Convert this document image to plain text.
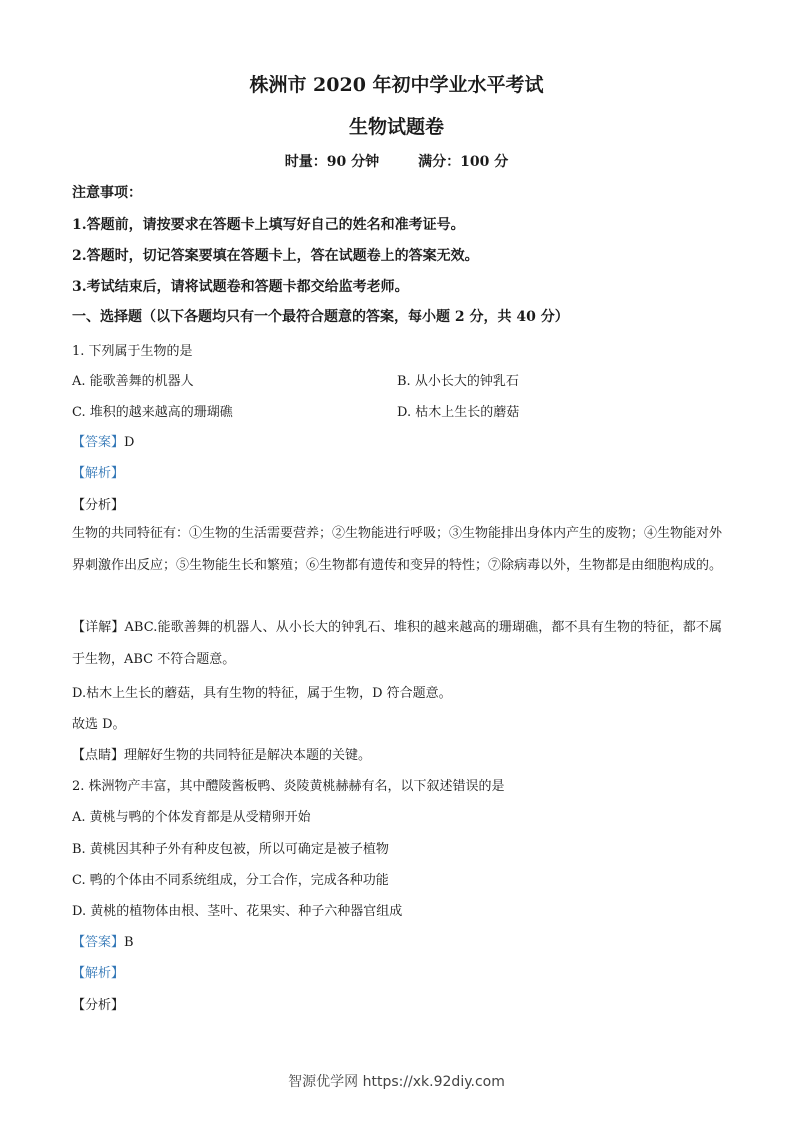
株洲市 2020 年初中学业水平考试
生物试题卷
时量：90 分钟        满分：100 分
注意事项：
1.答题前，请按要求在答题卡上填写好自己的姓名和准考证号。
2.答题时，切记答案要填在答题卡上，答在试题卷上的答案无效。
3.考试结束后，请将试题卷和答题卡都交给监考老师。
一、选择题（以下各题均只有一个最符合题意的答案，每小题 2 分，共 40 分）
1. 下列属于生物的是
A. 能歌善舞的机器人	B. 从小长大的钟乳石
C. 堆积的越来越高的珊瑚礁	D. 枯木上生长的蘑菇
【答案】D
【解析】
【分析】
生物的共同特征有：①生物的生活需要营养；②生物能进行呼吸；③生物能排出身体内产生的废物；④生物能对外界刺激作出反应；⑤生物能生长和繁殖；⑥生物都有遗传和变异的特性；⑦除病毒以外，生物都是由细胞构成的。
【详解】ABC.能歌善舞的机器人、从小长大的钟乳石、堆积的越来越高的珊瑚礁，都不具有生物的特征，都不属于生物，ABC 不符合题意。
D.枯木上生长的蘑菇，具有生物的特征，属于生物，D 符合题意。
故选 D。
【点睛】理解好生物的共同特征是解决本题的关键。
2. 株洲物产丰富，其中醴陵酱板鸭、炎陵黄桃赫赫有名，以下叙述错误的是
A. 黄桃与鸭的个体发育都是从受精卵开始
B. 黄桃因其种子外有种皮包被，所以可确定是被子植物
C. 鸭的个体由不同系统组成，分工合作，完成各种功能
D. 黄桃的植物体由根、茎叶、花果实、种子六种器官组成
【答案】B
【解析】
【分析】
智源优学网 https://xk.92diy.com
